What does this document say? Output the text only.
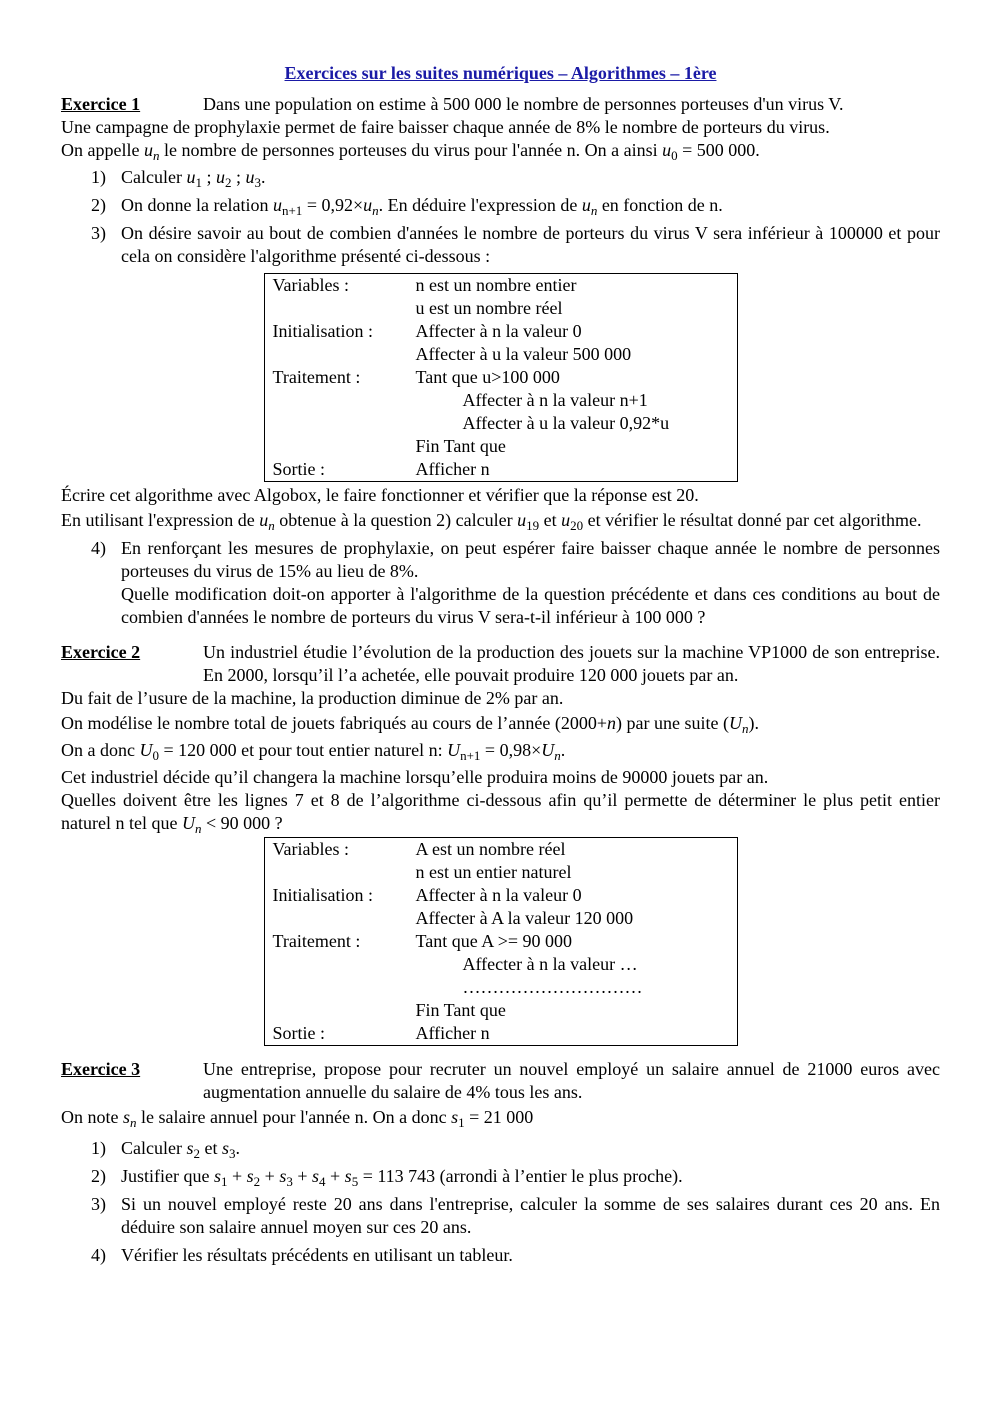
Exercices sur les suites numériques – Algorithmes – 1ère

Exercice 1	Dans une population on estime à 500 000 le nombre de personnes porteuses d'un virus V.

Une campagne de prophylaxie permet de faire baisser chaque année de 8% le nombre de porteurs du virus.

On appelle $u_n$ le nombre de personnes porteuses du virus pour l'année n. On a ainsi $u_0 = 500$ 000.

1) Calculer $u_1$ ; $u_2$ ; $u_3$.
2) On donne la relation $u_{n+1} = 0,92\times u_n$. En déduire l'expression de $u_n$ en fonction de n.
3) On désire savoir au bout de combien d'années le nombre de porteurs du virus V sera inférieur à 100000 et pour cela on considère l'algorithme présenté ci-dessous :
Variables :	n est un nombre entier
	u est un nombre réel
Initialisation :	Affecter à n la valeur 0
	Affecter à u la valeur 500 000
Traitement :	Tant que u>100 000

	Affecter à n la valeur n+1

	Affecter à u la valeur 0,92*u

	Fin Tant que
Sortie :	Afficher n

Écrire cet algorithme avec Algobox, le faire fonctionner et vérifier que la réponse est 20.

En utilisant l'expression de $u_n$ obtenue à la question 2) calculer $u_{19}$ et $u_{20}$ et vérifier le résultat donné par cet algorithme.

4) En renforçant les mesures de prophylaxie, on peut espérer faire baisser chaque année le nombre de personnes porteuses du virus de 15% au lieu de 8%.
Quelle modification doit-on apporter à l'algorithme de la question précédente et dans ces conditions au bout de combien d'années le nombre de porteurs du virus V sera-t-il inférieur à 100 000 ?
Exercice 2	Un industriel étudie l’évolution de la production des jouets sur la machine VP1000 de son entreprise. En 2000, lorsqu’il l’a achetée, elle pouvait produire 120 000 jouets par an.

Du fait de l’usure de la machine, la production diminue de 2% par an.

On modélise le nombre total de jouets fabriqués au cours de l’année (2000+n) par une suite $(U_n)$.

On a donc $U_0 = 120$ 000 et pour tout entier naturel n: $U_{n+1} = 0,98\times U_n$.

Cet industriel décide qu’il changera la machine lorsqu’elle produira moins de 90000 jouets par an.

Quelles doivent être les lignes 7 et 8 de l’algorithme ci-dessous afin qu’il permette de déterminer le plus petit entier naturel n tel que $U_n < 90$ 000 ?

Variables :	A est un nombre réel
	n est un entier naturel
Initialisation :	Affecter à n la valeur 0
	Affecter à A la valeur 120 000
Traitement :	Tant que A >= 90 000

	Affecter à n la valeur …

	…………………………

	Fin Tant que
Sortie :	Afficher n
Exercice 3	Une entreprise, propose pour recruter un nouvel employé un salaire annuel de 21000 euros avec augmentation annuelle du salaire de 4% tous les ans.

On note $s_n$ le salaire annuel pour l'année n. On a donc $s_1 = 21$ 000

1) Calculer $s_2$ et $s_3$.
2) Justifier que $s_1 + s_2 + s_3 + s_4 + s_5 = 113$ 743 (arrondi à l’entier le plus proche).
3) Si un nouvel employé reste 20 ans dans l'entreprise, calculer la somme de ses salaires durant ces 20 ans. En déduire son salaire annuel moyen sur ces 20 ans.
4) Vérifier les résultats précédents en utilisant un tableur.
